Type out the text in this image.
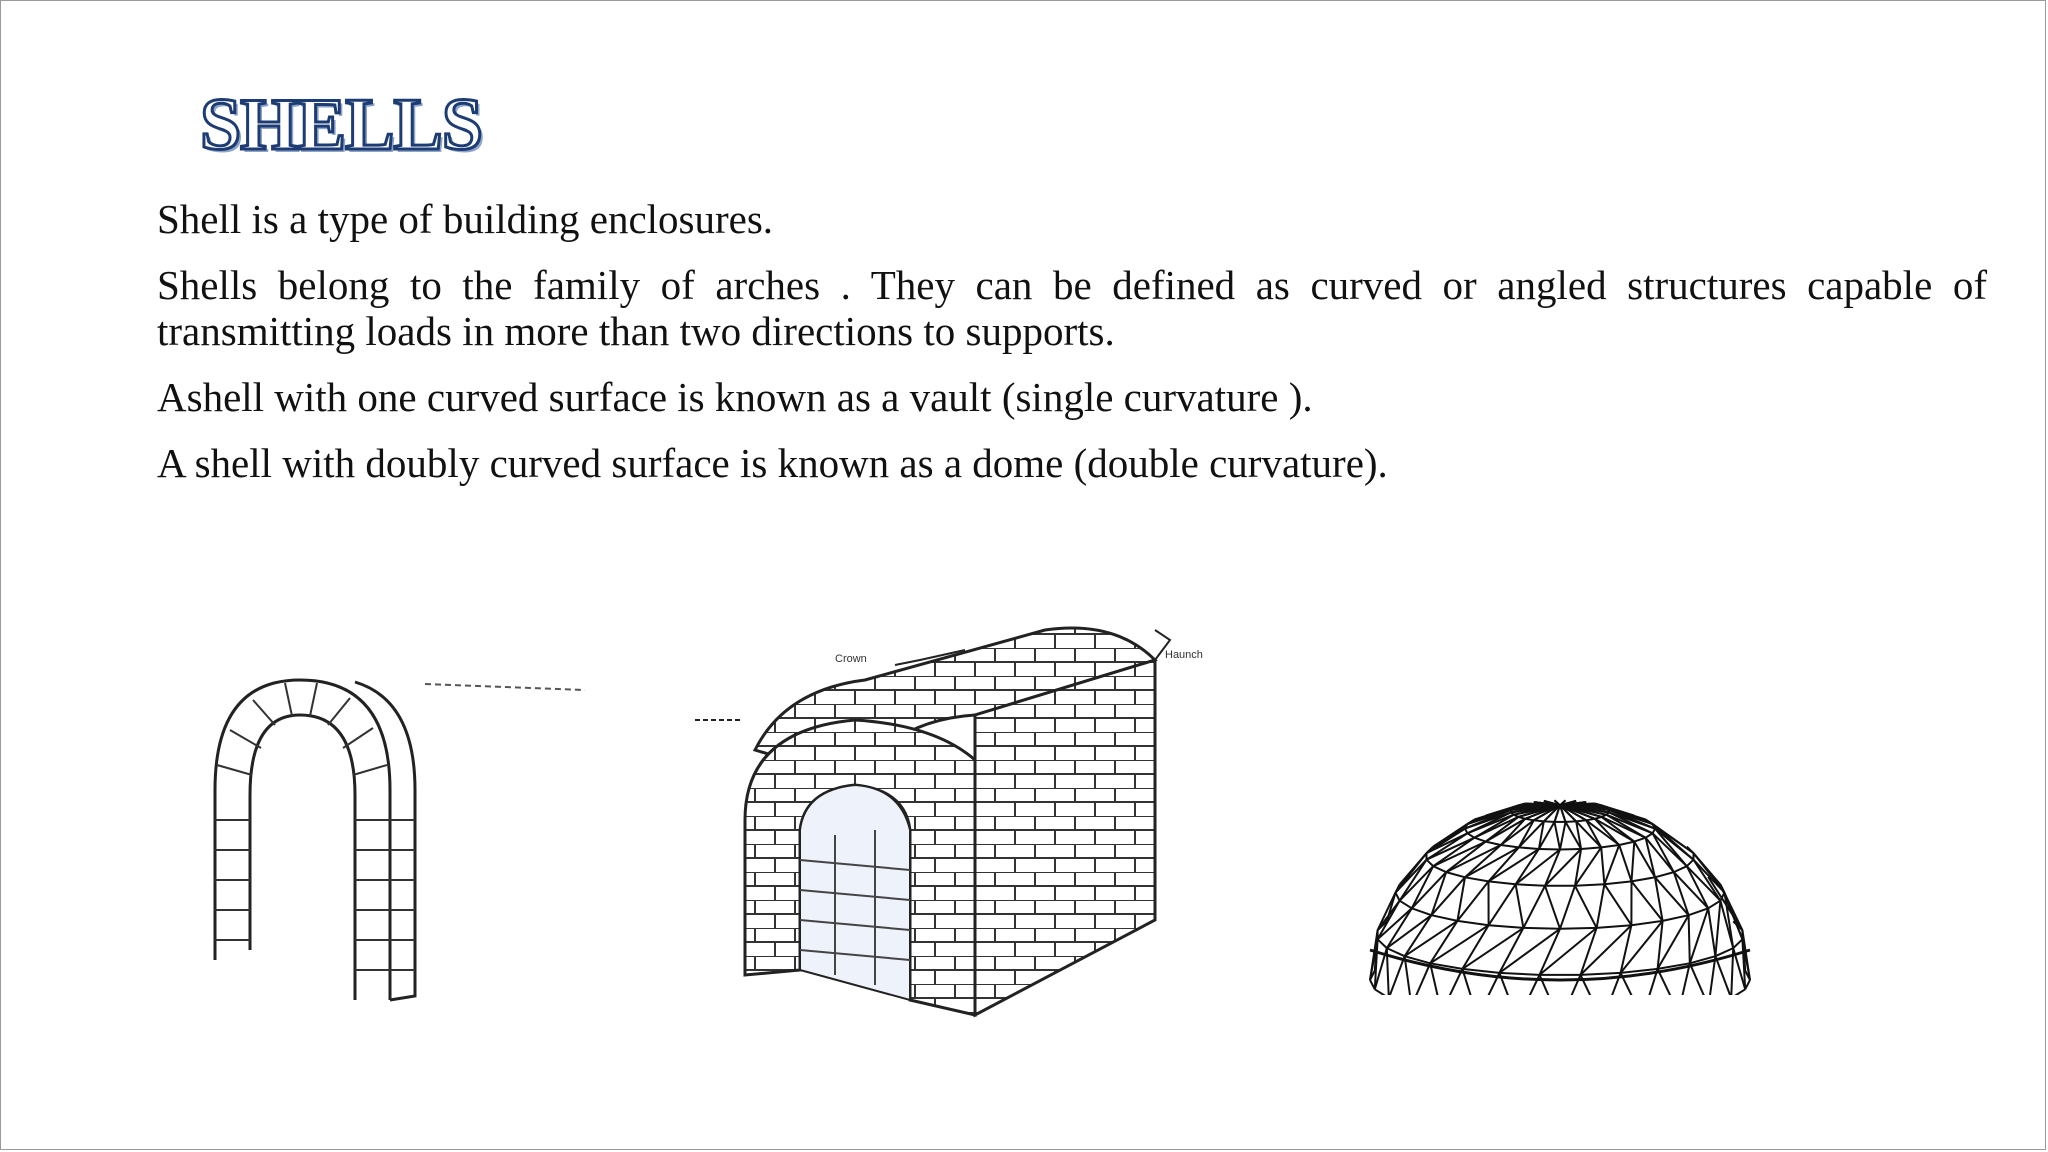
SHELLS

Shell is a type of building enclosures.

Shells belong to the family of arches . They can be defined as curved or angled structures capable of transmitting loads in more than two directions to supports.

Ashell with one curved surface is known as a vault (single curvature ).

A shell with doubly curved surface is known as a dome (double curvature).

Crown	Haunch
